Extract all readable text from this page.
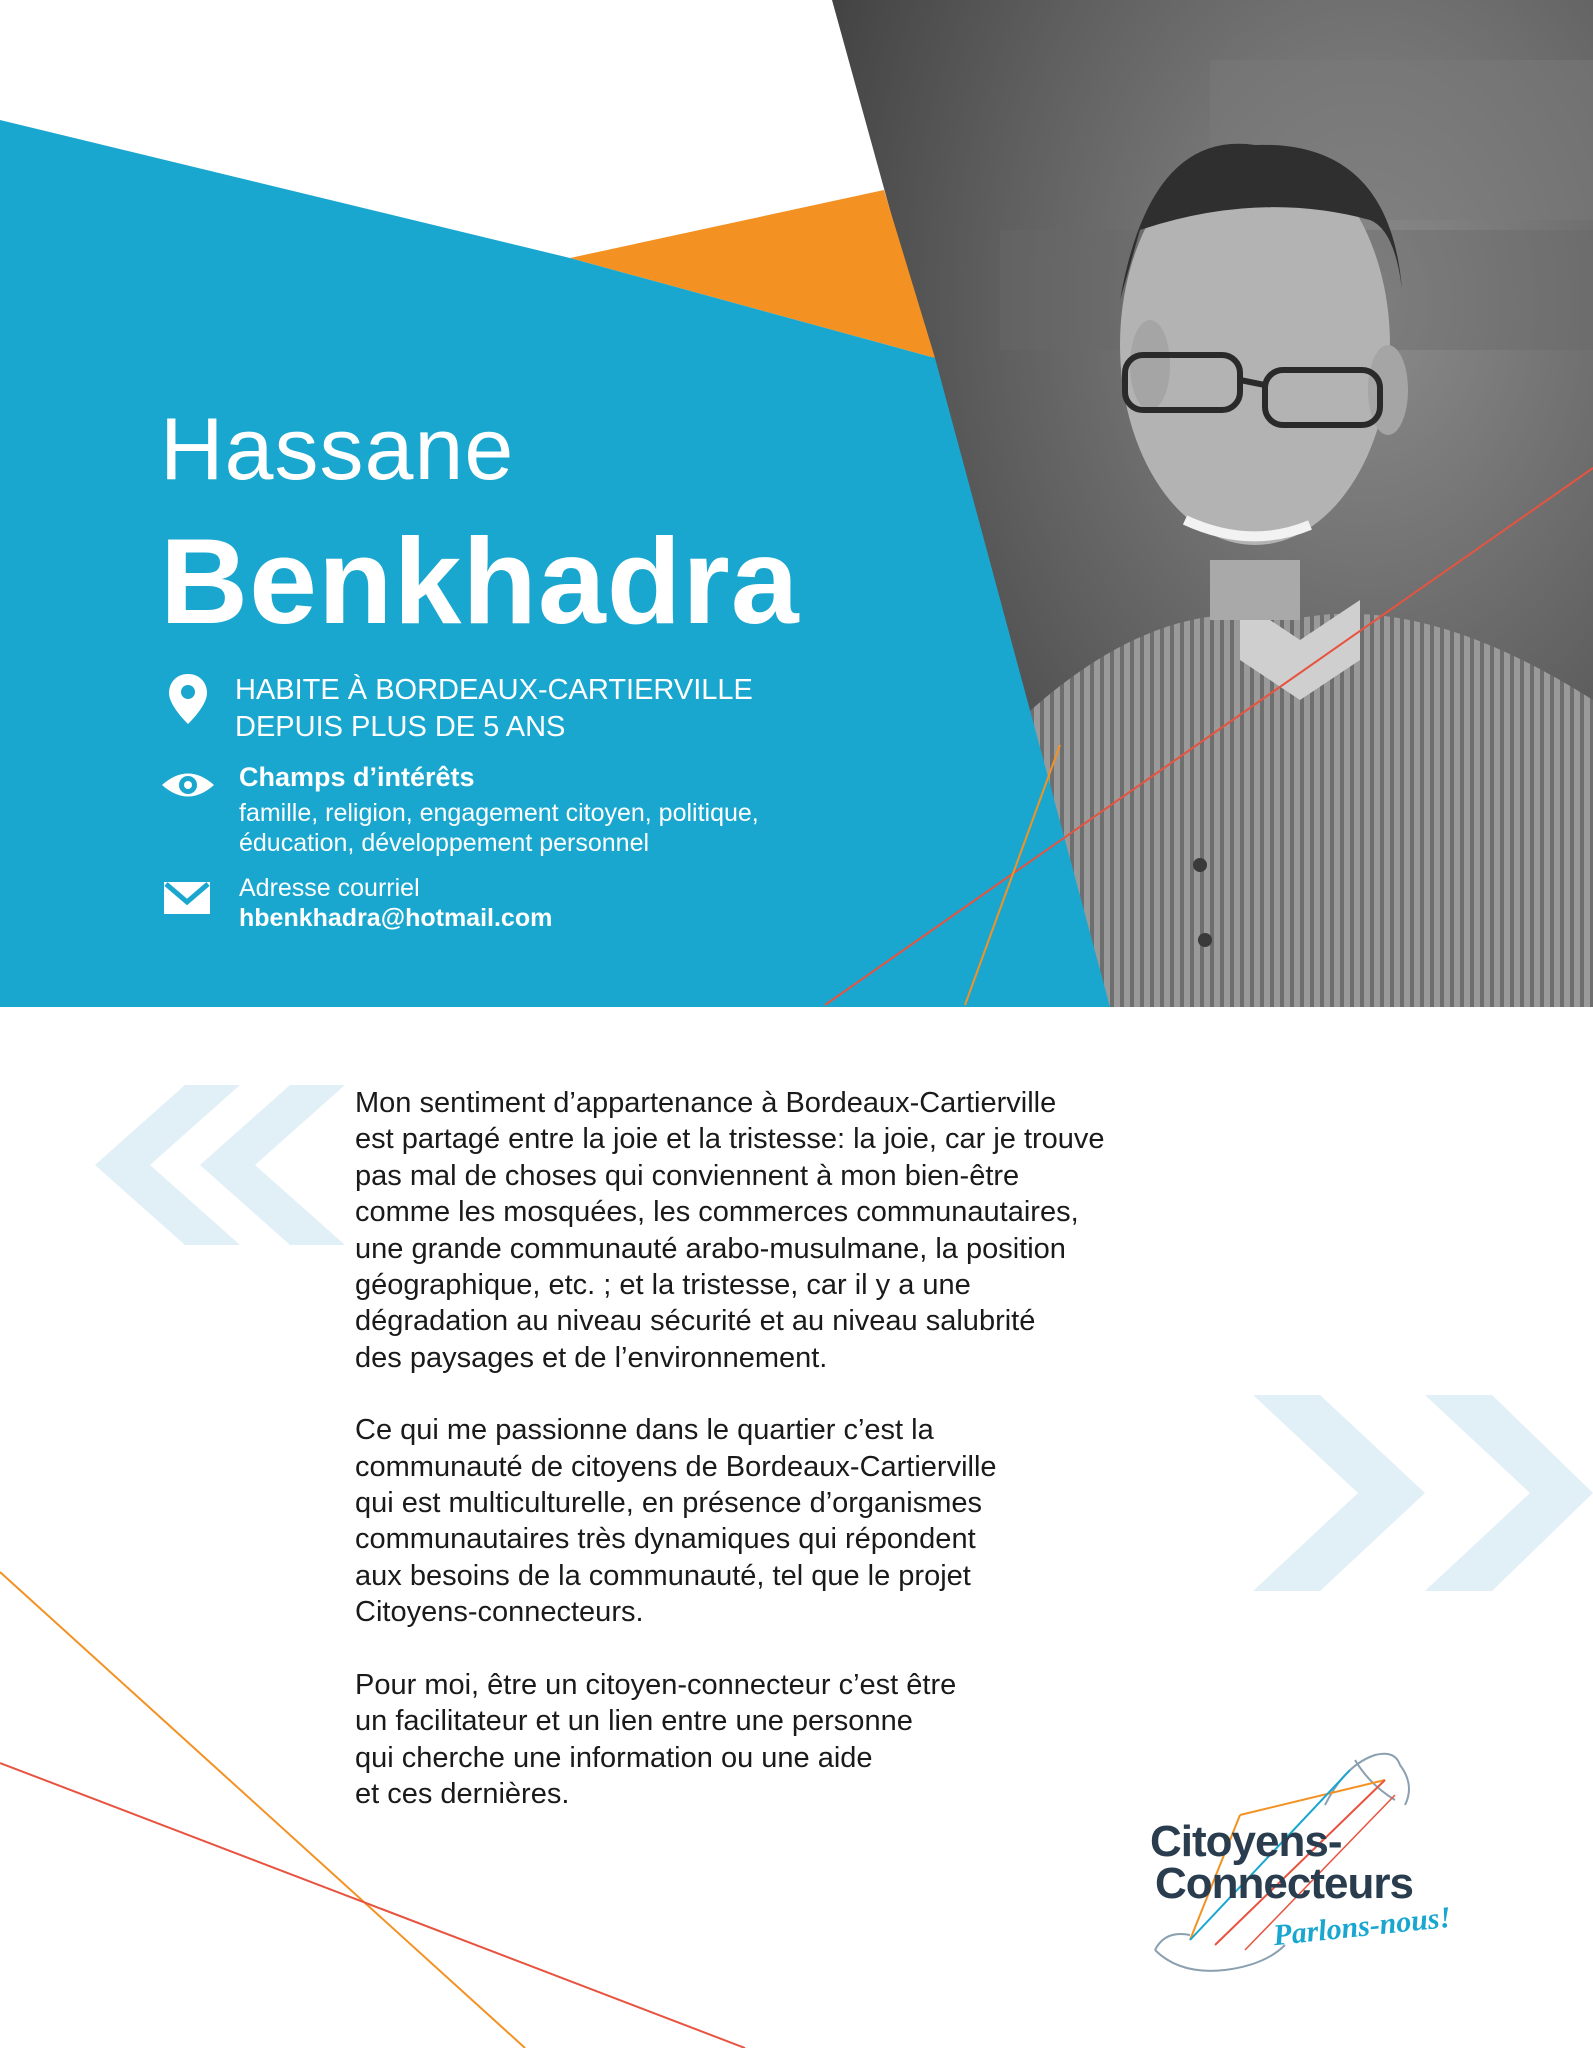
Hassane
Benkhadra
HABITE À BORDEAUX-CARTIERVILLE
DEPUIS PLUS DE 5 ANS
Champs d’intérêts
famille, religion, engagement citoyen, politique,
éducation, développement personnel
Adresse courriel
hbenkhadra@hotmail.com

Mon sentiment d’appartenance à Bordeaux-Cartierville
est partagé entre la joie et la tristesse: la joie, car je trouve
pas mal de choses qui conviennent à mon bien-être
comme les mosquées, les commerces communautaires,
une grande communauté arabo-musulmane, la position
géographique, etc. ; et la tristesse, car il y a une
dégradation au niveau sécurité et au niveau salubrité
des paysages et de l’environnement.

Ce qui me passionne dans le quartier c’est la
communauté de citoyens de Bordeaux-Cartierville
qui est multiculturelle, en présence d’organismes
communautaires très dynamiques qui répondent
aux besoins de la communauté, tel que le projet
Citoyens-connecteurs.

Pour moi, être un citoyen-connecteur c’est être
un facilitateur et un lien entre une personne
qui cherche une information ou une aide
et ces dernières.

Citoyens-
Connecteurs
Parlons-nous!
